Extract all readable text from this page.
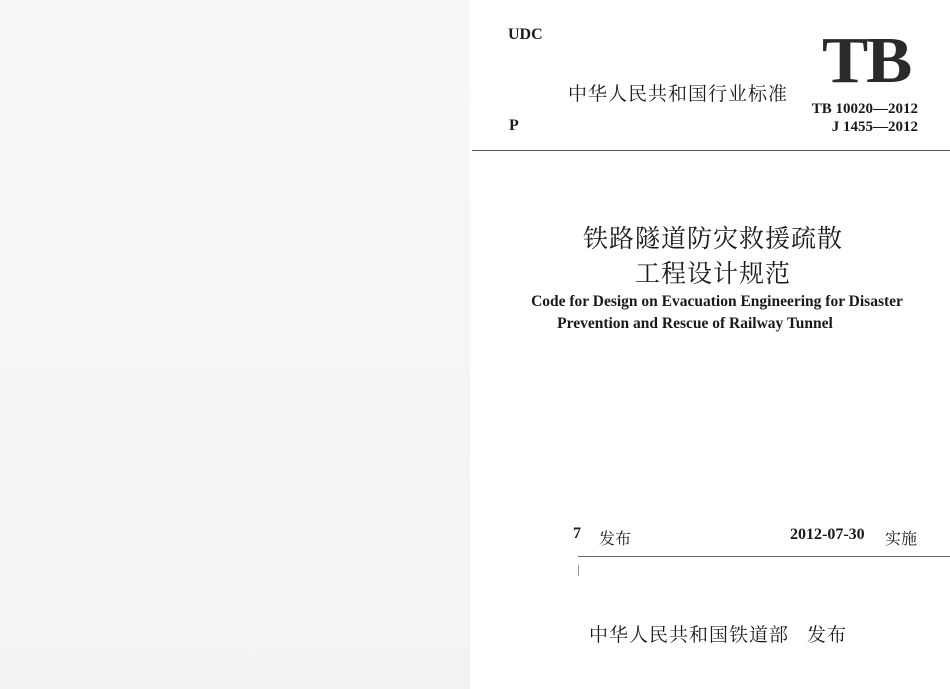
UDC
P
中华人民共和国行业标准 TB
TB 10020—2012
J 1455—2012
铁路隧道防灾救援疏散
工程设计规范
Code for Design on Evacuation Engineering for Disaster
Prevention and Rescue of Railway Tunnel
7 发布	2012-07-30 实施
中华人民共和国铁道部 发布
